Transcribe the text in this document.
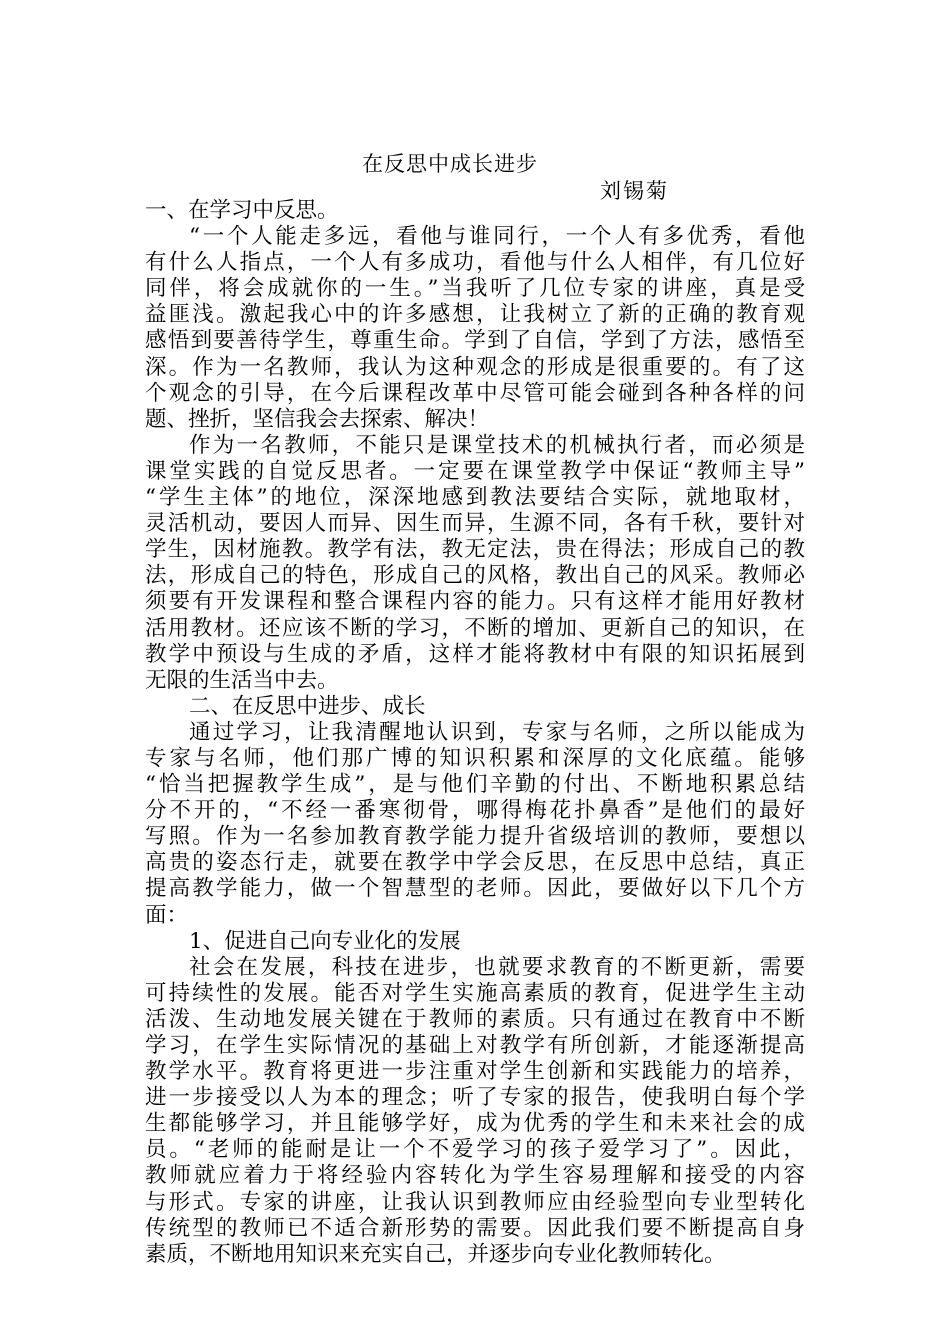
在反思中成长进步
刘锡菊
一、在学习中反思。
“一个人能走多远，看他与谁同行，一个人有多优秀，看他
有什么人指点，一个人有多成功，看他与什么人相伴，有几位好
同伴，将会成就你的一生。”当我听了几位专家的讲座，真是受
益匪浅。激起我心中的许多感想，让我树立了新的正确的教育观
感悟到要善待学生，尊重生命。学到了自信，学到了方法，感悟至
深。作为一名教师，我认为这种观念的形成是很重要的。有了这
个观念的引导，在今后课程改革中尽管可能会碰到各种各样的问
题、挫折，坚信我会去探索、解决！
作为一名教师，不能只是课堂技术的机械执行者，而必须是
课堂实践的自觉反思者。一定要在课堂教学中保证“教师主导”
“学生主体”的地位，深深地感到教法要结合实际，就地取材，
灵活机动，要因人而异、因生而异，生源不同，各有千秋，要针对
学生，因材施教。教学有法，教无定法，贵在得法；形成自己的教
法，形成自己的特色，形成自己的风格，教出自己的风采。教师必
须要有开发课程和整合课程内容的能力。只有这样才能用好教材
活用教材。还应该不断的学习，不断的增加、更新自己的知识，在
教学中预设与生成的矛盾，这样才能将教材中有限的知识拓展到
无限的生活当中去。
二、在反思中进步、成长
通过学习，让我清醒地认识到，专家与名师，之所以能成为
专家与名师，他们那广博的知识积累和深厚的文化底蕴。能够
“恰当把握教学生成”，是与他们辛勤的付出、不断地积累总结
分不开的，“不经一番寒彻骨，哪得梅花扑鼻香”是他们的最好
写照。作为一名参加教育教学能力提升省级培训的教师，要想以
高贵的姿态行走，就要在教学中学会反思，在反思中总结，真正
提高教学能力，做一个智慧型的老师。因此，要做好以下几个方
面：
1、促进自己向专业化的发展
社会在发展，科技在进步，也就要求教育的不断更新，需要
可持续性的发展。能否对学生实施高素质的教育，促进学生主动
活泼、生动地发展关键在于教师的素质。只有通过在教育中不断
学习，在学生实际情况的基础上对教学有所创新，才能逐渐提高
教学水平。教育将更进一步注重对学生创新和实践能力的培养，
进一步接受以人为本的理念；听了专家的报告，使我明白每个学
生都能够学习，并且能够学好，成为优秀的学生和未来社会的成
员。“老师的能耐是让一个不爱学习的孩子爱学习了”。因此，
教师就应着力于将经验内容转化为学生容易理解和接受的内容
与形式。专家的讲座，让我认识到教师应由经验型向专业型转化
传统型的教师已不适合新形势的需要。因此我们要不断提高自身
素质，不断地用知识来充实自己，并逐步向专业化教师转化。
